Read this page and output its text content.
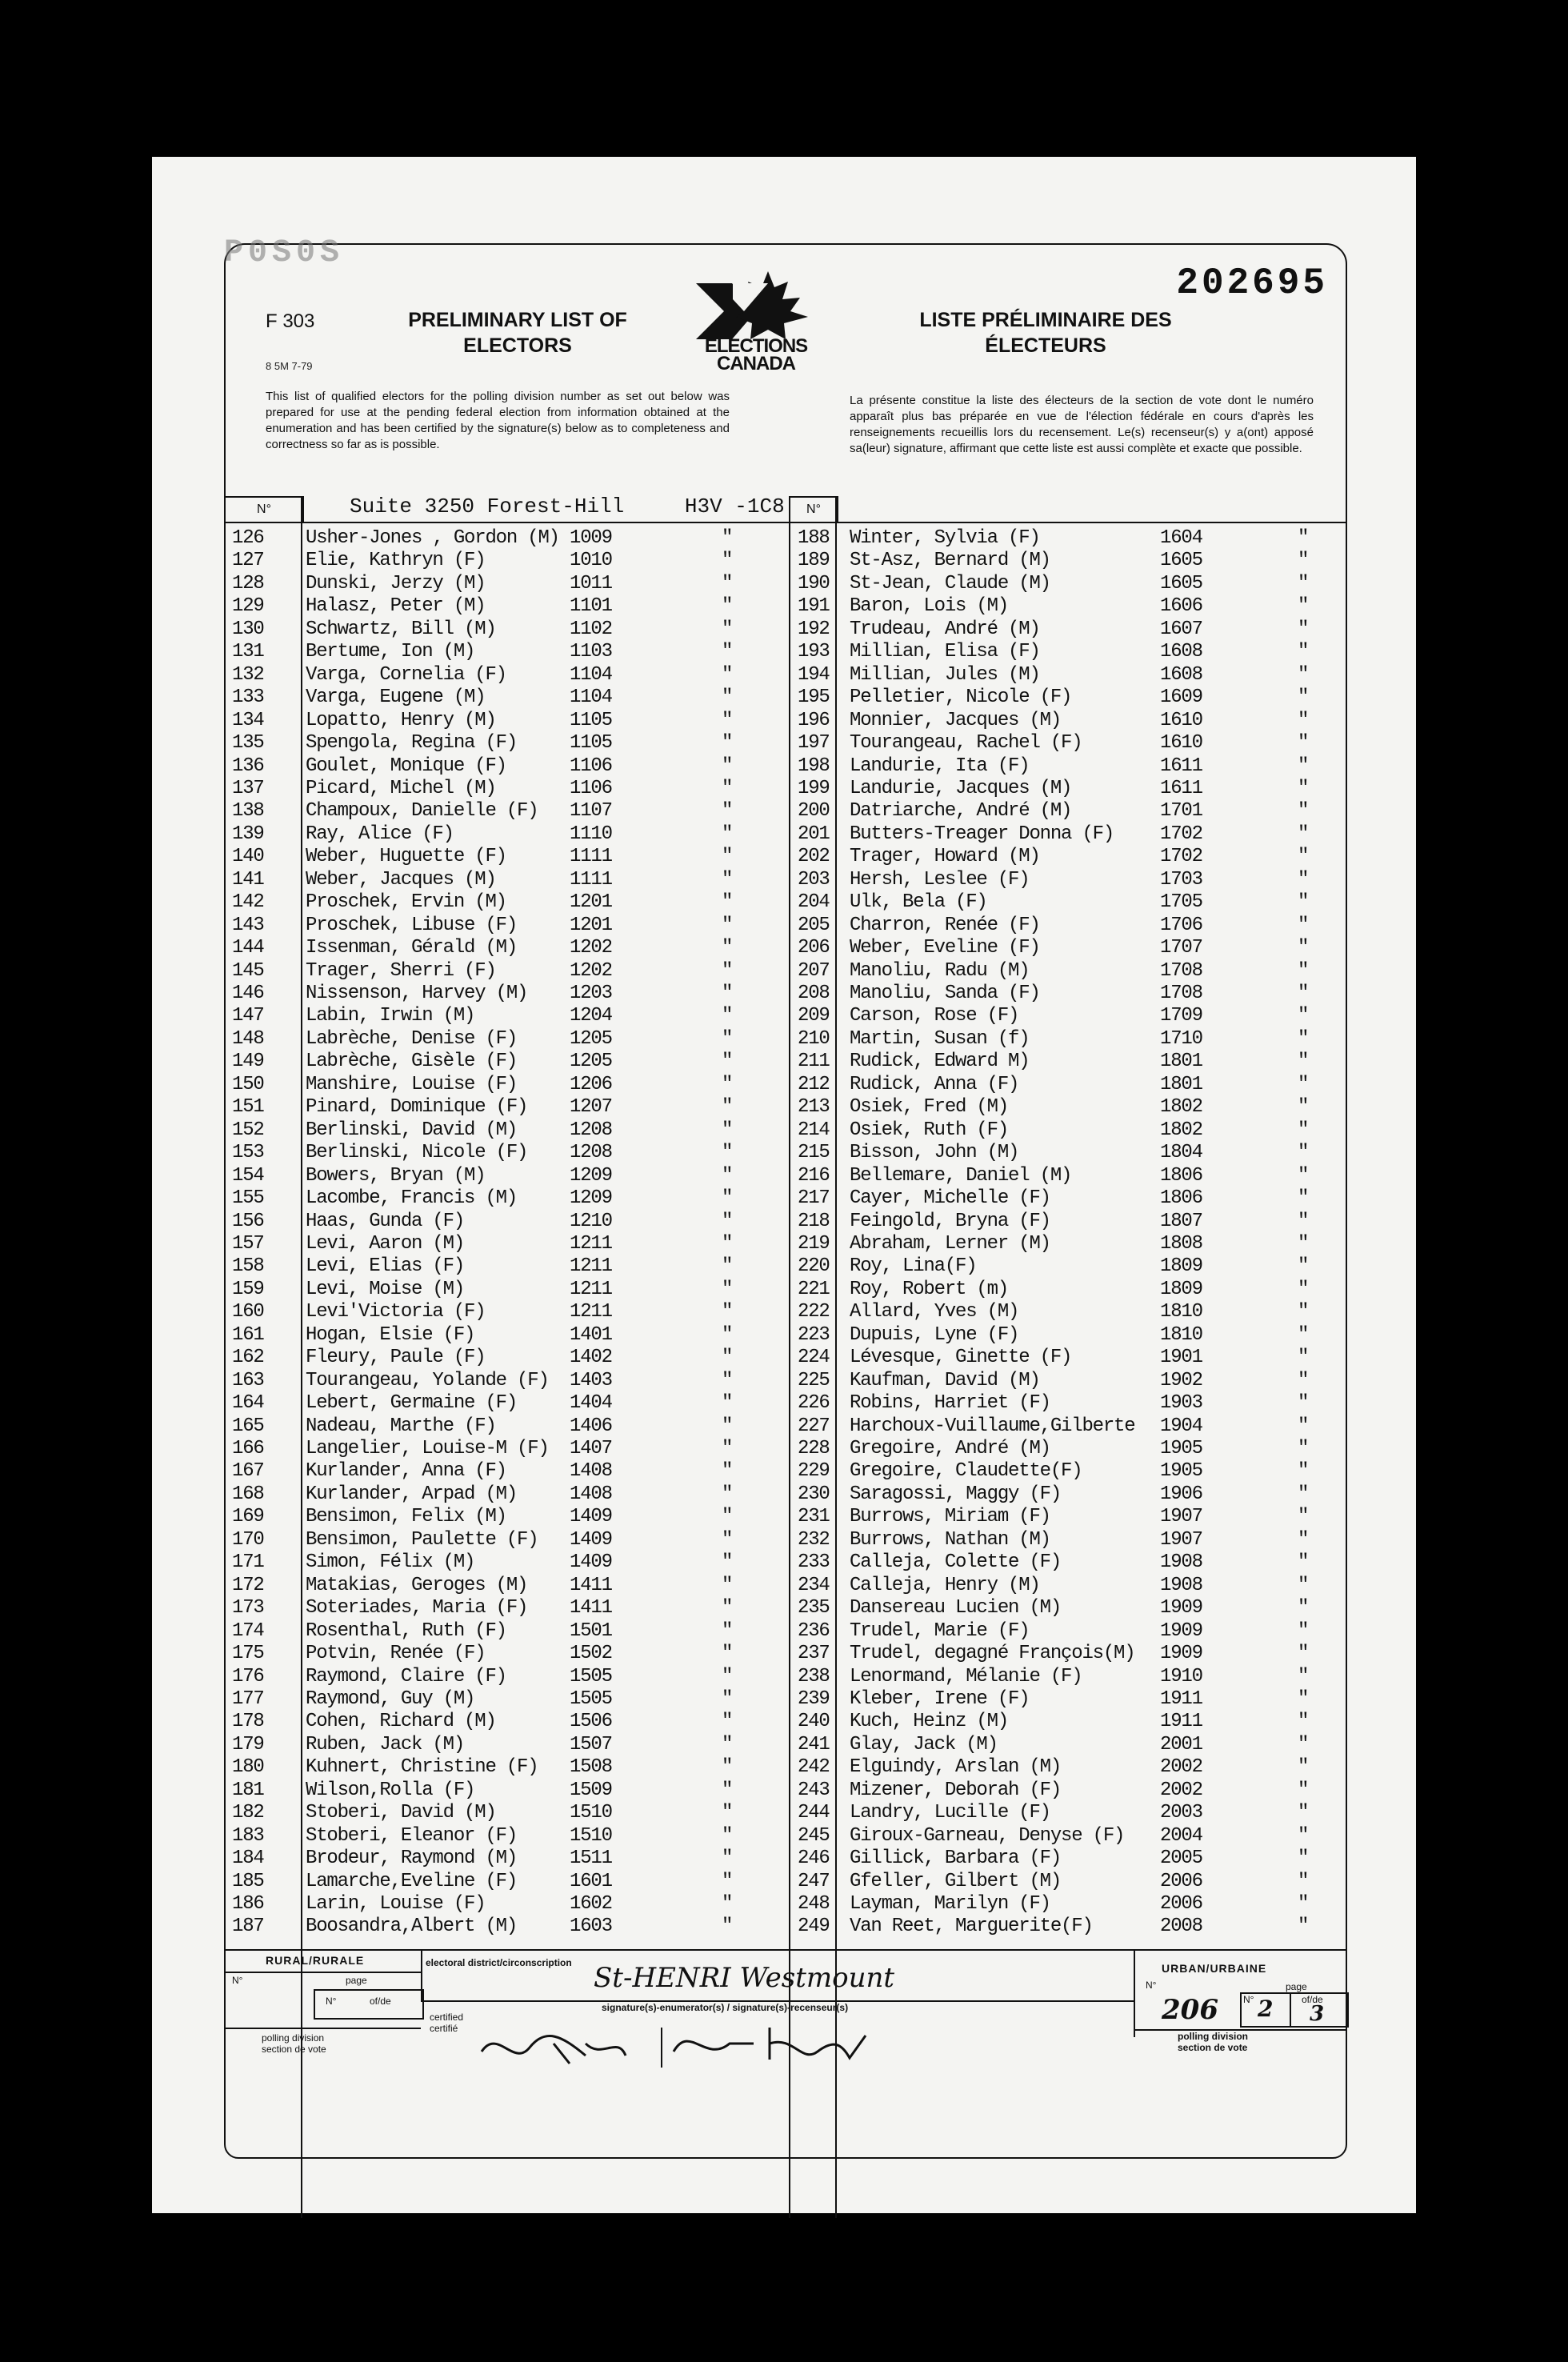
P0S0S
202695
F 303
8 5M 7-79
PRELIMINARY LIST OF
ELECTORS	ELECTIONS
CANADA
LISTE PRÉLIMINAIRE DES
ÉLECTEURS
This list of qualified electors for the polling division number as set out below was prepared for use at the pending federal election from information obtained at the enumeration and has been certified by the signature(s) below as to completeness and correctness so far as is possible.
La présente constitue la liste des électeurs de la section de vote dont le numéro apparaît plus bas préparée en vue de l'élection fédérale en cours d'après les renseignements recueillis lors du recensement. Le(s) recenseur(s) y a(ont) apposé sa(leur) signature, affirmant que cette liste est aussi complète et exacte que possible.
N°	Suite 3250 Forest-Hill	H3V -1C8	N°
126	Usher-Jones , Gordon (M) 1009	"
127	Elie, Kathryn (F)	1010	"
128	Dunski, Jerzy (M)	1011	"
129	Halasz, Peter (M)	1101	"
130	Schwartz, Bill (M)	1102	"
131	Bertume, Ion (M)	1103	"
132	Varga, Cornelia (F)	1104	"
133	Varga, Eugene (M)	1104	"
134	Lopatto, Henry (M)	1105	"
135	Spengola, Regina (F)	1105	"
136	Goulet, Monique (F)	1106	"
137	Picard, Michel (M)	1106	"
138	Champoux, Danielle (F) 1107	"
139	Ray, Alice (F)	1110	"
140	Weber, Huguette (F)	1111	"
141	Weber, Jacques (M)	1111	"
142	Proschek, Ervin (M)	1201	"
143	Proschek, Libuse (F)	1201	"
144	Issenman, Gérald (M)	1202	"
145	Trager, Sherri (F)	1202	"
146	Nissenson, Harvey (M) 1203	"
147	Labin, Irwin (M)	1204	"
148	Labrèche, Denise (F)	1205	"
149	Labrèche, Gisèle (F)	1205	"
150	Manshire, Louise (F)	1206	"
151	Pinard, Dominique (F) 1207	"
152	Berlinski, David (M)	1208	"
153	Berlinski, Nicole (F) 1208	"
154	Bowers, Bryan (M)	1209	"
155	Lacombe, Francis (M)	1209	"
156	Haas, Gunda (F)	1210	"
157	Levi, Aaron (M)	1211	"
158	Levi, Elias (F)	1211	"
159	Levi, Moise (M)	1211	"
160	Levi'Victoria (F)	1211	"
161	Hogan, Elsie (F)	1401	"
162	Fleury, Paule (F)	1402	"
163	Tourangeau, Yolande (F) 1403	"
164	Lebert, Germaine (F)	1404	"
165	Nadeau, Marthe (F)	1406	"
166	Langelier, Louise-M (F) 1407	"
167	Kurlander, Anna (F)	1408	"
168	Kurlander, Arpad (M)	1408	"
169	Bensimon, Felix (M)	1409	"
170	Bensimon, Paulette (F) 1409	"
171	Simon, Félix (M)	1409	"
172	Matakias, Geroges (M) 1411	"
173	Soteriades, Maria (F) 1411	"
174	Rosenthal, Ruth (F)	1501	"
175	Potvin, Renée (F)	1502	"
176	Raymond, Claire (F)	1505	"
177	Raymond, Guy (M)	1505	"
178	Cohen, Richard (M)	1506	"
179	Ruben, Jack (M)	1507	"
180	Kuhnert, Christine (F) 1508	"
181	Wilson,Rolla (F)	1509	"
182	Stoberi, David (M)	1510	"
183	Stoberi, Eleanor (F)	1510	"
184	Brodeur, Raymond (M)	1511	"
185	Lamarche,Eveline (F)	1601	"
186	Larin, Louise (F)	1602	"
187	Boosandra,Albert (M)	1603	"
188	Winter, Sylvia (F)	1604	"
189	St-Asz, Bernard (M)	1605	"
190	St-Jean, Claude (M)	1605	"
191	Baron, Lois (M)	1606	"
192	Trudeau, André (M)	1607	"
193	Millian, Elisa (F)	1608	"
194	Millian, Jules (M)	1608	"
195	Pelletier, Nicole (F)	1609	"
196	Monnier, Jacques (M)	1610	"
197	Tourangeau, Rachel (F)	1610	"
198	Landurie, Ita (F)	1611	"
199	Landurie, Jacques (M)	1611	"
200	Datriarche, André (M)	1701	"
201	Butters-Treager Donna (F) 1702	"
202	Trager, Howard (M)	1702	"
203	Hersh, Leslee (F)	1703	"
204	Ulk, Bela (F)	1705	"
205	Charron, Renée (F)	1706	"
206	Weber, Eveline (F)	1707	"
207	Manoliu, Radu (M)	1708	"
208	Manoliu, Sanda (F)	1708	"
209	Carson, Rose (F)	1709	"
210	Martin, Susan (f)	1710	"
211	Rudick, Edward M)	1801	"
212	Rudick, Anna (F)	1801	"
213	Osiek, Fred (M)	1802	"
214	Osiek, Ruth (F)	1802	"
215	Bisson, John (M)	1804	"
216	Bellemare, Daniel (M)	1806	"
217	Cayer, Michelle (F)	1806	"
218	Feingold, Bryna (F)	1807	"
219	Abraham, Lerner (M)	1808	"
220	Roy, Lina(F)	1809	"
221	Roy, Robert (m)	1809	"
222	Allard, Yves (M)	1810	"
223	Dupuis, Lyne (F)	1810	"
224	Lévesque, Ginette (F)	1901	"
225	Kaufman, David (M)	1902	"
226	Robins, Harriet (F)	1903	"
227	Harchoux-Vuillaume,Gilberte 1904	"
228	Gregoire, André (M)	1905	"
229	Gregoire, Claudette(F)	1905	"
230	Saragossi, Maggy (F)	1906	"
231	Burrows, Miriam (F)	1907	"
232	Burrows, Nathan (M)	1907	"
233	Calleja, Colette (F)	1908	"
234	Calleja, Henry (M)	1908	"
235	Dansereau Lucien (M)	1909	"
236	Trudel, Marie (F)	1909	"
237	Trudel, degagné François(M) 1909	"
238	Lenormand, Mélanie (F)	1910	"
239	Kleber, Irene (F)	1911	"
240	Kuch, Heinz (M)	1911	"
241	Glay, Jack (M)	2001	"
242	Elguindy, Arslan (M)	2002	"
243	Mizener, Deborah (F)	2002	"
244	Landry, Lucille (F)	2003	"
245	Giroux-Garneau, Denyse (F) 2004	"
246	Gillick, Barbara (F)	2005	"
247	Gfeller, Gilbert (M)	2006	"
248	Layman, Marilyn (F)	2006	"
249	Van Reet, Marguerite(F)	2008	"
RURAL/RURALE
URBAN/URBAINE
electoral district/circonscription
N°	page
N°	of/de
polling division
section de vote
St-HENRI Westmount
signature(s)-enumerator(s) / signature(s)-recenseur(s)
certified
certifié
N°	page
206	N° 2	of/de
3
polling division
section de vote
